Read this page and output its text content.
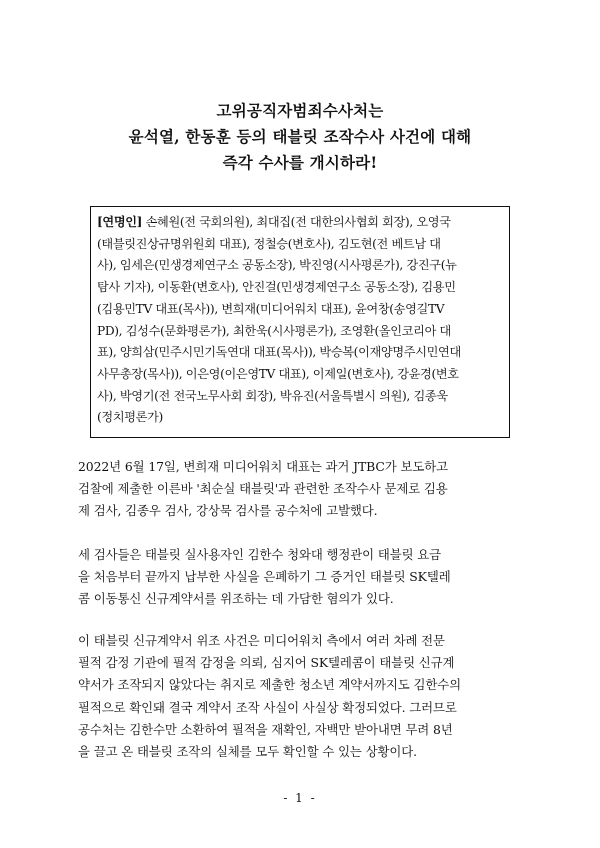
고위공직자범죄수사처는
윤석열, 한동훈 등의 태블릿 조작수사 사건에 대해
즉각 수사를 개시하라!
[연명인] 손혜원(전 국회의원), 최대집(전 대한의사협회 회장), 오영국
(태블릿진상규명위원회 대표), 정철승(변호사), 김도현(전 베트남 대
사), 임세은(민생경제연구소 공동소장), 박진영(시사평론가), 강진구(뉴
탐사 기자), 이동환(변호사), 안진걸(민생경제연구소 공동소장), 김용민
(김용민TV 대표(목사)), 변희재(미디어워치 대표), 윤여창(송영길TV
PD), 김성수(문화평론가), 최한욱(시사평론가), 조영환(올인코리아 대
표), 양희삼(민주시민기독연대 대표(목사)), 박승복(이재양명주시민연대
사무총장(목사)), 이은영(이은영TV 대표), 이제일(변호사), 강윤경(변호
사), 박영기(전 전국노무사회 회장), 박유진(서울특별시 의원), 김종욱
(정치평론가)
2022년 6월 17일, 변희재 미디어워치 대표는 과거 JTBC가 보도하고
검찰에 제출한 이른바 '최순실 태블릿'과 관련한 조작수사 문제로 김용
제 검사, 김종우 검사, 강상묵 검사를 공수처에 고발했다.
세 검사들은 태블릿 실사용자인 김한수 청와대 행정관이 태블릿 요금
을 처음부터 끝까지 납부한 사실을 은폐하기 그 증거인 태블릿 SK텔레
콤 이동통신 신규계약서를 위조하는 데 가담한 혐의가 있다.
이 태블릿 신규계약서 위조 사건은 미디어워치 측에서 여러 차례 전문
필적 감정 기관에 필적 감정을 의뢰, 심지어 SK텔레콤이 태블릿 신규계
약서가 조작되지 않았다는 취지로 제출한 청소년 계약서까지도 김한수의
필적으로 확인돼 결국 계약서 조작 사실이 사실상 확정되었다. 그러므로
공수처는 김한수만 소환하여 필적을 재확인, 자백만 받아내면 무려 8년
을 끌고 온 태블릿 조작의 실체를 모두 확인할 수 있는 상황이다.
- 1 -
